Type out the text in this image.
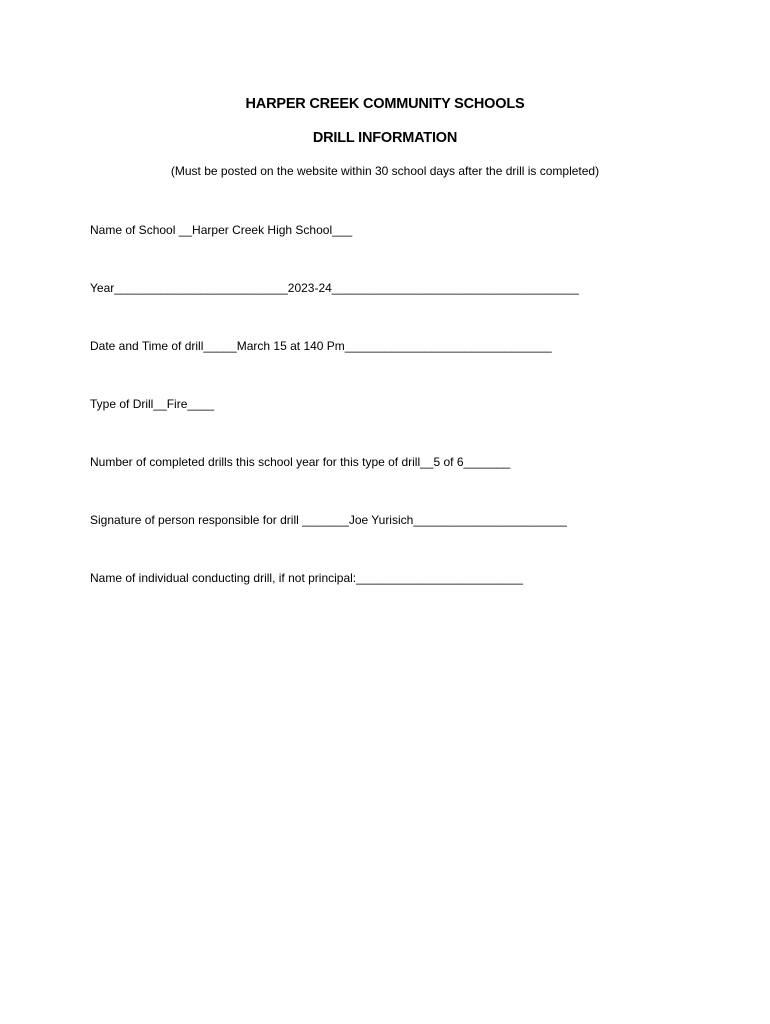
HARPER CREEK COMMUNITY SCHOOLS
DRILL INFORMATION
(Must be posted on the website within 30 school days after the drill is completed)
Name of School __Harper Creek High School___
Year__________________________2023-24_____________________________________
Date and Time of drill_____March 15 at 140 Pm_______________________________
Type of Drill__Fire____
Number of completed drills this school year for this type of drill__5 of 6_______
Signature of person responsible for drill _______Joe Yurisich_______________________
Name of individual conducting drill, if not principal:_________________________
